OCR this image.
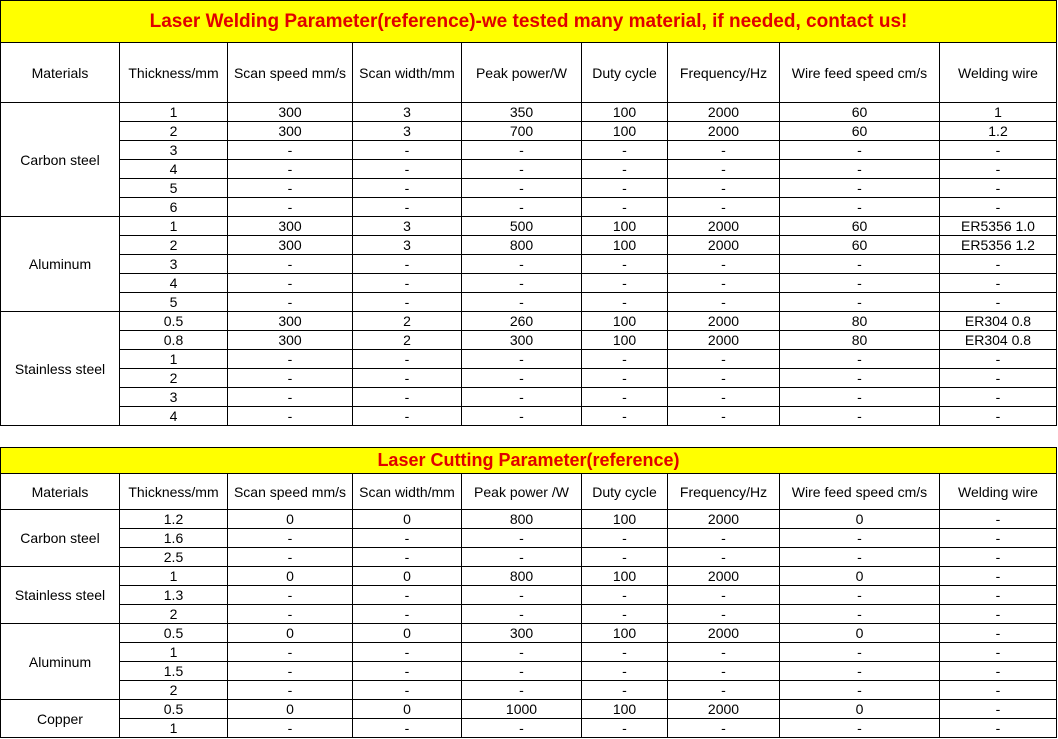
Laser Welding Parameter(reference)-we tested many material, if needed, contact us!								
Materials	Thickness/mm	Scan speed mm/s	Scan width/mm	Peak power/W	Duty cycle	Frequency/Hz	Wire feed speed cm/s	Welding wire
Carbon steel	1	300	3	350	100	2000	60	1
	2	300	3	700	100	2000	60	1.2
	3	-	-	-	-	-	-	-
	4	-	-	-	-	-	-	-
	5	-	-	-	-	-	-	-
	6	-	-	-	-	-	-	-
Aluminum	1	300	3	500	100	2000	60	ER5356 1.0
	2	300	3	800	100	2000	60	ER5356 1.2
	3	-	-	-	-	-	-	-
	4	-	-	-	-	-	-	-
	5	-	-	-	-	-	-	-
Stainless steel	0.5	300	2	260	100	2000	80	ER304 0.8
	0.8	300	2	300	100	2000	80	ER304 0.8
	1	-	-	-	-	-	-	-
	2	-	-	-	-	-	-	-
	3	-	-	-	-	-	-	-
	4	-	-	-	-	-	-	-
Laser Cutting Parameter(reference)								
Materials	Thickness/mm	Scan speed mm/s	Scan width/mm	Peak power /W	Duty cycle	Frequency/Hz	Wire feed speed cm/s	Welding wire
Carbon steel	1.2	0	0	800	100	2000	0	-
	1.6	-	-	-	-	-	-	-
	2.5	-	-	-	-	-	-	-
Stainless steel	1	0	0	800	100	2000	0	-
	1.3	-	-	-	-	-	-	-
	2	-	-	-	-	-	-	-
Aluminum	0.5	0	0	300	100	2000	0	-
	1	-	-	-	-	-	-	-
	1.5	-	-	-	-	-	-	-
	2	-	-	-	-	-	-	-
Copper	0.5	0	0	1000	100	2000	0	-
	1	-	-	-	-	-	-	-
